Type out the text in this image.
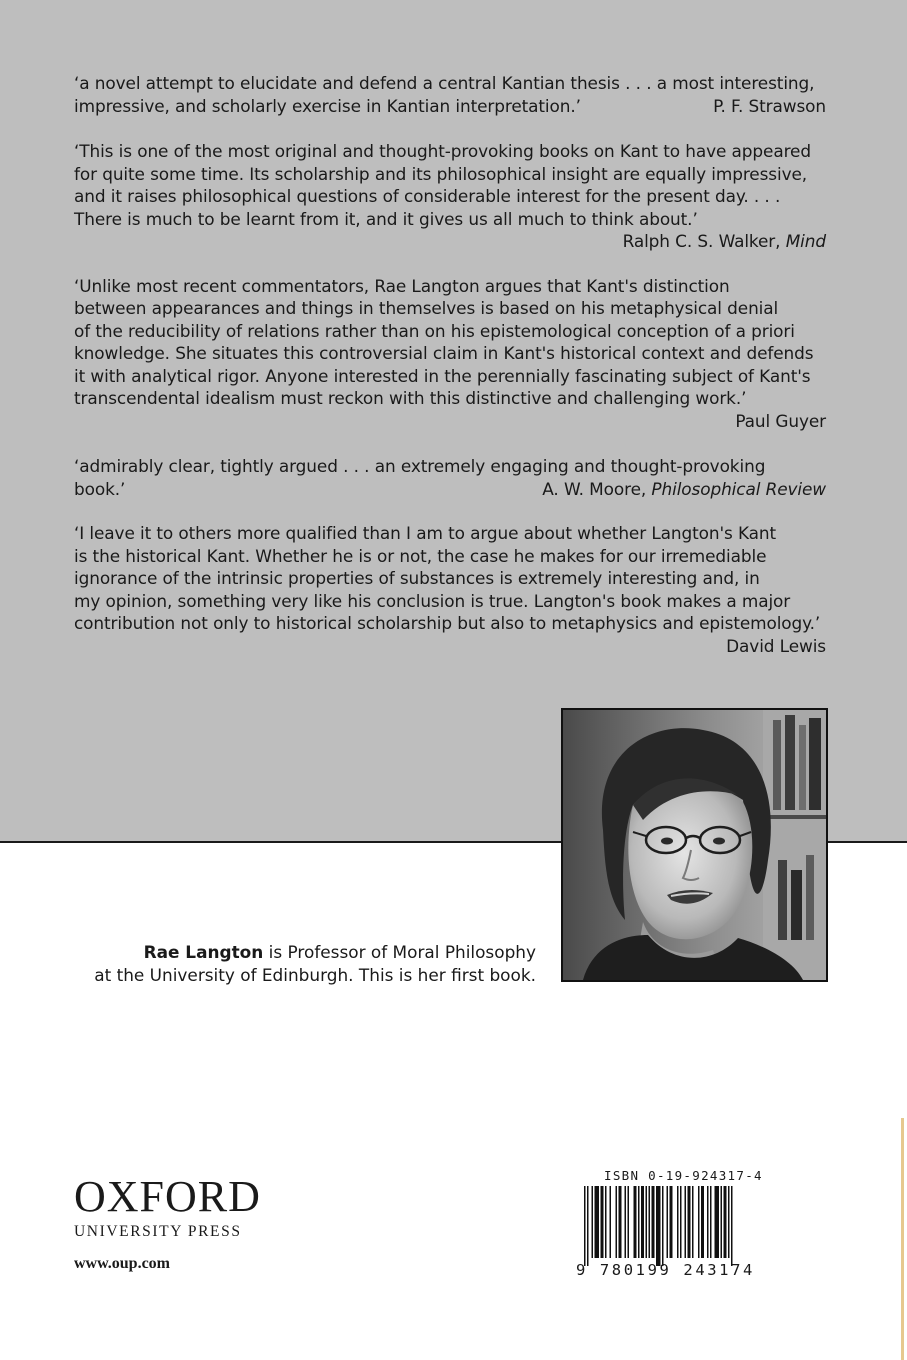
‘a novel attempt to elucidate and defend a central Kantian thesis . . . a most interesting,
impressive, and scholarly exercise in Kantian interpretation.’	P. F. Strawson
‘This is one of the most original and thought-provoking books on Kant to have appeared
for quite some time. Its scholarship and its philosophical insight are equally impressive,
and it raises philosophical questions of considerable interest for the present day. . . .
There is much to be learnt from it, and it gives us all much to think about.’
Ralph C. S. Walker, Mind
‘Unlike most recent commentators, Rae Langton argues that Kant's distinction
between appearances and things in themselves is based on his metaphysical denial
of the reducibility of relations rather than on his epistemological conception of a priori
knowledge. She situates this controversial claim in Kant's historical context and defends
it with analytical rigor. Anyone interested in the perennially fascinating subject of Kant's
transcendental idealism must reckon with this distinctive and challenging work.’
Paul Guyer
‘admirably clear, tightly argued . . . an extremely engaging and thought-provoking
book.’	A. W. Moore, Philosophical Review
‘I leave it to others more qualified than I am to argue about whether Langton's Kant
is the historical Kant. Whether he is or not, the case he makes for our irremediable
ignorance of the intrinsic properties of substances is extremely interesting and, in
my opinion, something very like his conclusion is true. Langton's book makes a major
contribution not only to historical scholarship but also to metaphysics and epistemology.’
David Lewis
Rae Langton is Professor of Moral Philosophy
at the University of Edinburgh. This is her first book.
OXFORD
UNIVERSITY PRESS
www.oup.com
ISBN 0-19-924317-4
9 780199 243174
